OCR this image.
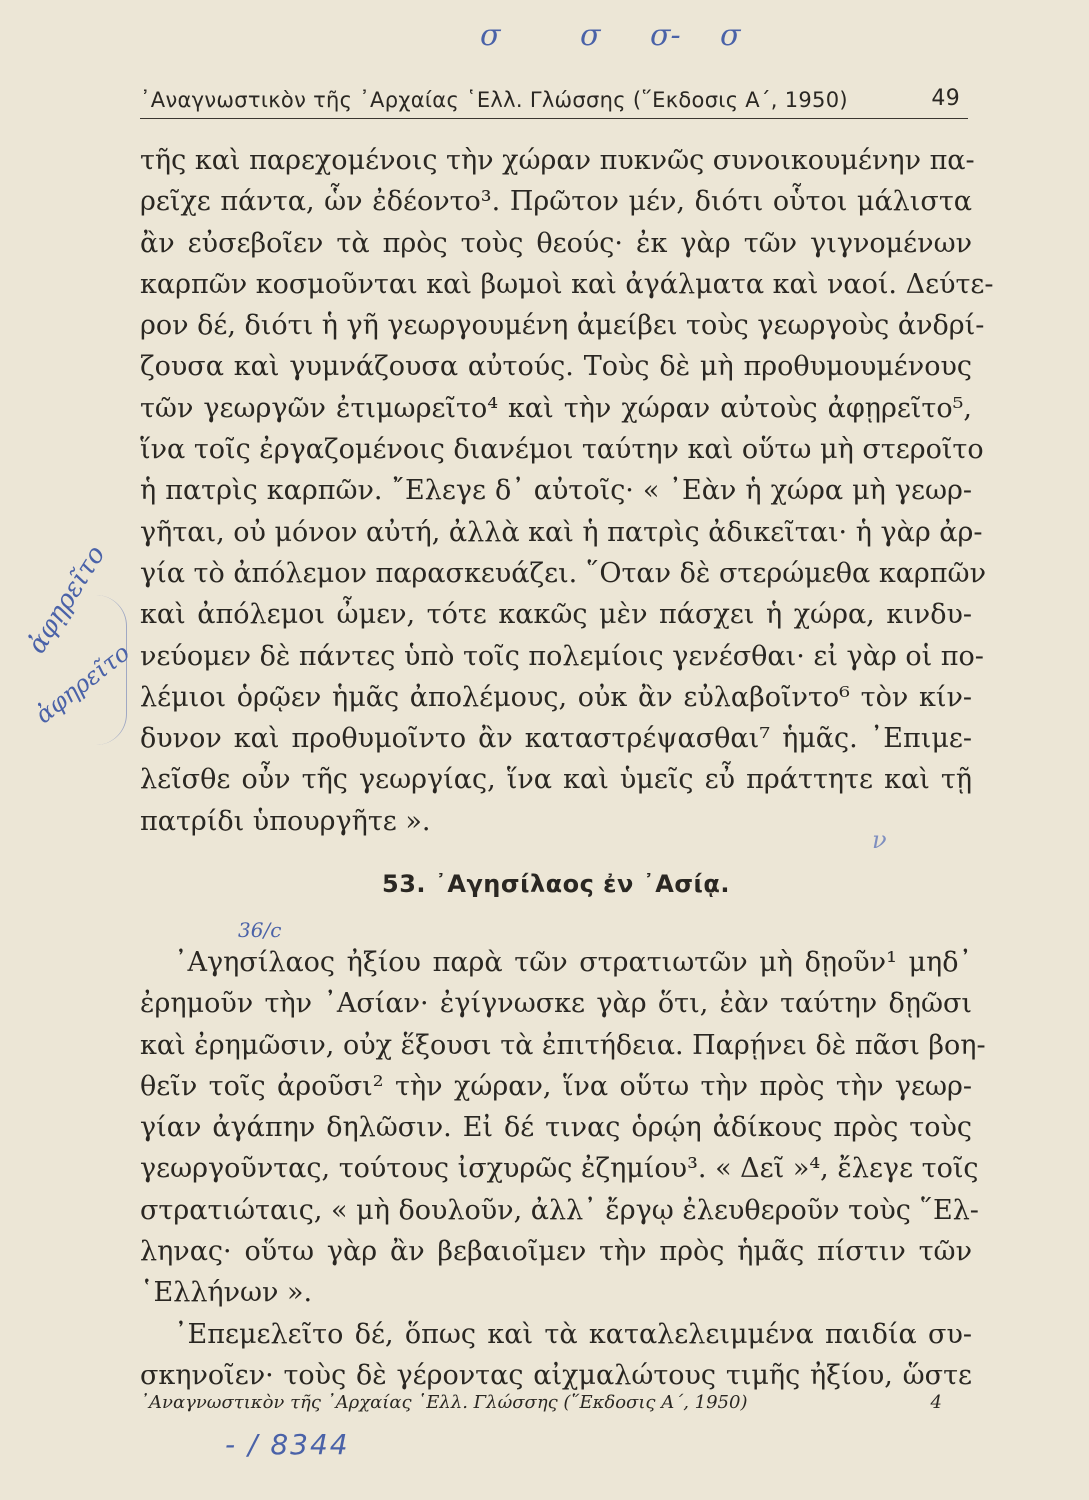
σ	σ σ- σ
᾽Αναγνωστικὸν τῆς ᾽Αρχαίας ῾Ελλ. Γλώσσης (῞Εκδοσις Α΄, 1950)	49
ἀφῃρεῖτο
ἀφηρεῖτο
τῆς καὶ παρεχομένοις τὴν χώραν πυκνῶς συνοικουμένην πα-
ρεῖχε πάντα, ὧν ἐδέοντο³. Πρῶτον μέν, διότι οὗτοι μάλιστα
ἂν εὐσεβοῖεν τὰ πρὸς τοὺς θεούς· ἐκ γὰρ τῶν γιγνομένων
καρπῶν κοσμοῦνται καὶ βωμοὶ καὶ ἀγάλματα καὶ ναοί. Δεύτε-
ρον δέ, διότι ἡ γῆ γεωργουμένη ἀμείβει τοὺς γεωργοὺς ἀνδρί-
ζουσα καὶ γυμνάζουσα αὐτούς. Τοὺς δὲ μὴ προθυμουμένους
τῶν γεωργῶν ἐτιμωρεῖτο⁴ καὶ τὴν χώραν αὐτοὺς ἀφῃρεῖτο⁵,
ἵνα τοῖς ἐργαζομένοις διανέμοι ταύτην καὶ οὕτω μὴ στεροῖτο
ἡ πατρὶς καρπῶν. ῎Ελεγε δ᾽ αὐτοῖς· « ᾽Εὰν ἡ χώρα μὴ γεωρ-
γῆται, οὐ μόνον αὐτή, ἀλλὰ καὶ ἡ πατρὶς ἀδικεῖται· ἡ γὰρ ἀρ-
γία τὸ ἀπόλεμον παρασκευάζει. ῞Οταν δὲ στερώμεθα καρπῶν
καὶ ἀπόλεμοι ὦμεν, τότε κακῶς μὲν πάσχει ἡ χώρα, κινδυ-
νεύομεν δὲ πάντες ὑπὸ τοῖς πολεμίοις γενέσθαι· εἰ γὰρ οἱ πο-
λέμιοι ὁρῷεν ἡμᾶς ἀπολέμους, οὐκ ἂν εὐλαβοῖντο⁶ τὸν κίν-
δυνον καὶ προθυμοῖντο ἂν καταστρέψασθαι⁷ ἡμᾶς. ᾽Επιμε-
λεῖσθε οὖν τῆς γεωργίας, ἵνα καὶ ὑμεῖς εὖ πράττητε καὶ τῇ
πατρίδι ὑπουργῆτε ».
ν
53. ᾽Αγησίλαος ἐν ᾽Ασίᾳ.
36/c
᾽Αγησίλαος ἠξίου παρὰ τῶν στρατιωτῶν μὴ δῃοῦν¹ μηδ᾽
ἐρημοῦν τὴν ᾽Ασίαν· ἐγίγνωσκε γὰρ ὅτι, ἐὰν ταύτην δῃῶσι
καὶ ἐρημῶσιν, οὐχ ἕξουσι τὰ ἐπιτήδεια. Παρῄνει δὲ πᾶσι βοη-
θεῖν τοῖς ἀροῦσι² τὴν χώραν, ἵνα οὕτω τὴν πρὸς τὴν γεωρ-
γίαν ἀγάπην δηλῶσιν. Εἰ δέ τινας ὁρῴη ἀδίκους πρὸς τοὺς
γεωργοῦντας, τούτους ἰσχυρῶς ἐζημίου³. « Δεῖ »⁴, ἔλεγε τοῖς
στρατιώταις, « μὴ δουλοῦν, ἀλλ᾽ ἔργῳ ἐλευθεροῦν τοὺς ῞Ελ-
ληνας· οὕτω γὰρ ἂν βεβαιοῖμεν τὴν πρὸς ἡμᾶς πίστιν τῶν
῾Ελλήνων ».
᾽Επεμελεῖτο δέ, ὅπως καὶ τὰ καταλελειμμένα παιδία συ-
σκηνοῖεν· τοὺς δὲ γέροντας αἰχμαλώτους τιμῆς ἠξίου, ὥστε
᾽Αναγνωστικὸν τῆς ᾽Αρχαίας ῾Ελλ. Γλώσσης (῞Εκδοσις Α΄, 1950)	4
- / 8344
